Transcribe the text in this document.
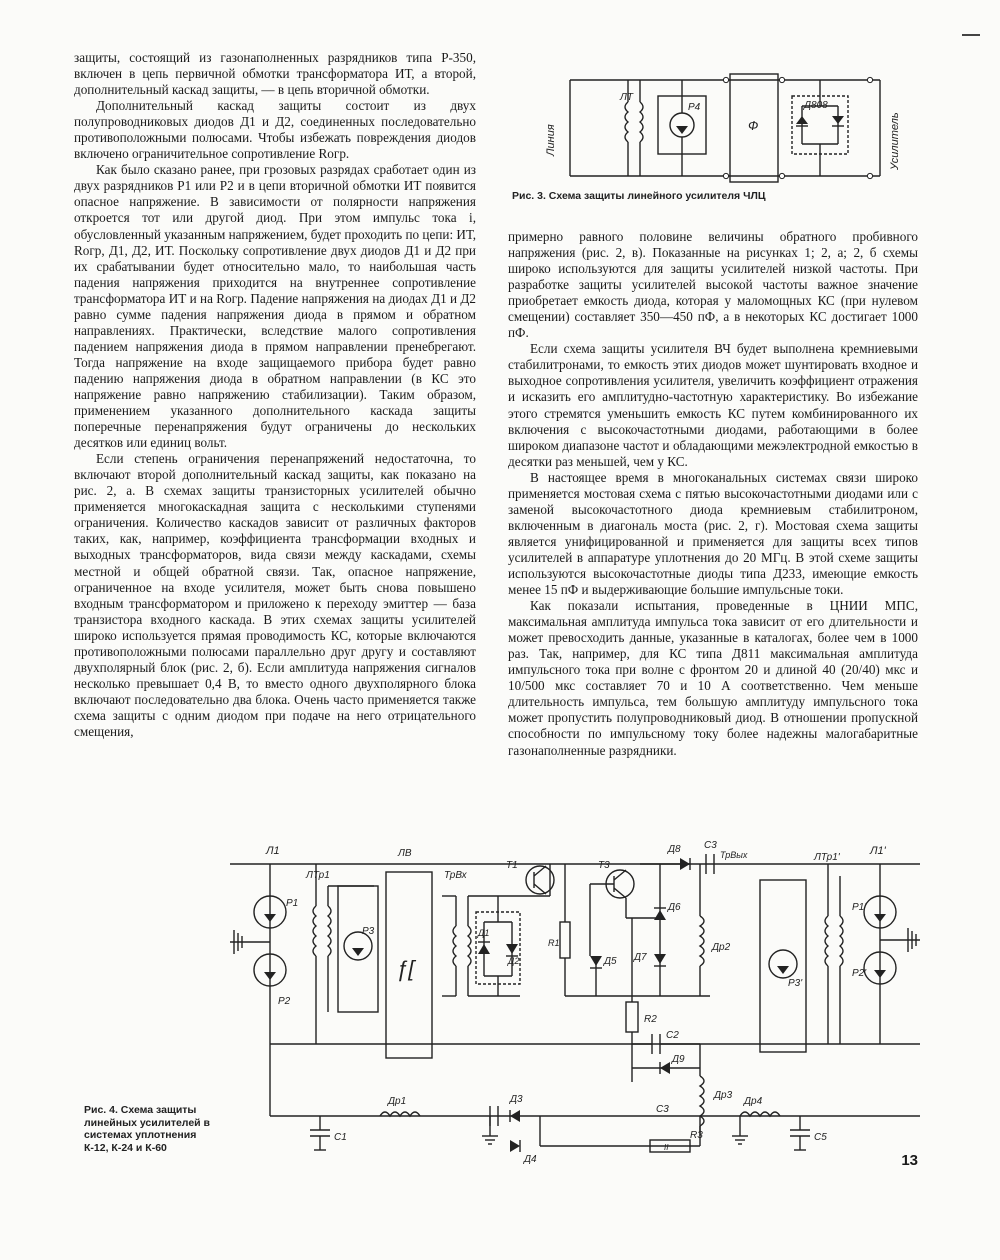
защиты, состоящий из газонаполненных разрядников типа Р-350, включен в цепь первичной обмотки трансформатора ИТ, а второй, дополнительный каскад защиты, — в цепь вторичной обмотки.

Дополнительный каскад защиты состоит из двух полупроводниковых диодов Д1 и Д2, соединенных последовательно противоположными полюсами. Чтобы избежать повреждения диодов включено ограничительное сопротивление Rогр.

Как было сказано ранее, при грозовых разрядах сработает один из двух разрядников Р1 или Р2 и в цепи вторичной обмотки ИТ появится опасное напряжение. В зависимости от полярности напряжения откроется тот или другой диод. При этом импульс тока i, обусловленный указанным напряжением, будет проходить по цепи: ИТ, Rогр, Д1, Д2, ИТ. Поскольку сопротивление двух диодов Д1 и Д2 при их срабатывании будет относительно мало, то наибольшая часть падения напряжения приходится на внутреннее сопротивление трансформатора ИТ и на Rогр. Падение напряжения на диодах Д1 и Д2 равно сумме падения напряжения диода в прямом и обратном направлениях. Практически, вследствие малого сопротивления падением напряжения диода в прямом направлении пренебрегают. Тогда напряжение на входе защищаемого прибора будет равно падению напряжения диода в обратном направлении (в КС это напряжение равно напряжению стабилизации). Таким образом, применением указанного дополнительного каскада защиты поперечные перенапряжения будут ограничены до нескольких десятков или единиц вольт.

Если степень ограничения перенапряжений недостаточна, то включают второй дополнительный каскад защиты, как показано на рис. 2, а. В схемах защиты транзисторных усилителей обычно применяется многокаскадная защита с несколькими ступенями ограничения. Количество каскадов зависит от различных факторов таких, как, например, коэффициента трансформации входных и выходных трансформаторов, вида связи между каскадами, схемы местной и общей обратной связи. Так, опасное напряжение, ограниченное на входе усилителя, может быть снова повышено входным трансформатором и приложено к переходу эмиттер — база транзистора входного каскада. В этих схемах защиты усилителей широко используется прямая проводимость КС, которые включаются противоположными полюсами параллельно друг другу и составляют двухполярный блок (рис. 2, б). Если амплитуда напряжения сигналов несколько превышает 0,4 В, то вместо одного двухполярного блока включают последовательно два блока. Очень часто применяется также схема защиты с одним диодом при подаче на него отрицательного смещения,

Линия	Усилитель
ЛТ
Р4
Ф
Д808
Рис. 3. Схема защиты линейного усилителя ЧЛЦ

примерно равного половине величины обратного пробивного напряжения (рис. 2, в). Показанные на рисунках 1; 2, а; 2, б схемы широко используются для защиты усилителей низкой частоты. При разработке защиты усилителей высокой частоты важное значение приобретает емкость диода, которая у маломощных КС (при нулевом смещении) составляет 350—450 пФ, а в некоторых КС достигает 1000 пФ.

Если схема защиты усилителя ВЧ будет выполнена кремниевыми стабилитронами, то емкость этих диодов может шунтировать входное и выходное сопротивления усилителя, увеличить коэффициент отражения и исказить его амплитудно-частотную характеристику. Во избежание этого стремятся уменьшить емкость КС путем комбинированного их включения с высокочастотными диодами, работающими в более широком диапазоне частот и обладающими межэлектродной емкостью в десятки раз меньшей, чем у КС.

В настоящее время в многоканальных системах связи широко применяется мостовая схема с пятью высокочастотными диодами или с заменой высокочастотного диода кремниевым стабилитроном, включенным в диагональ моста (рис. 2, г). Мостовая схема защиты является унифицированной и применяется для защиты всех типов усилителей в аппаратуре уплотнения до 20 МГц. В этой схеме защиты используются высокочастотные диоды типа Д233, имеющие емкость менее 15 пФ и выдерживающие большие импульсные токи.

Как показали испытания, проведенные в ЦНИИ МПС, максимальная амплитуда импульса тока зависит от его длительности и может превосходить данные, указанные в каталогах, более чем в 1000 раз. Так, например, для КС типа Д811 максимальная амплитуда импульсного тока при волне с фронтом 20 и длиной 40 (20/40) мкс и 10/500 мкс составляет 70 и 10 А соответственно. Чем меньше длительность импульса, тем большую амплитуду импульсного тока может пропустить полупроводниковый диод. В отношении пропускной способности по импульсному току более надежны малогабаритные газонаполненные разрядники.

Л1	Л1'
ЛТр1
ЛТр1'
ЛВ
ТрВх
ТрВых
Т1	Т3
Р1
Р2
Р3
Р1'
Р2'
Р3'
ƒ[
Д1
Д2
Д3
Д4
Д5
Д6
Д7
Д8
Д9
R1
R2
R3
II
С1
С2
С3
С3
С5
Др1
Др2
Др3
Др4
Рис. 4. Схема защиты линейных усилителей в системах уплотнения К-12, К-24 и К-60
13
